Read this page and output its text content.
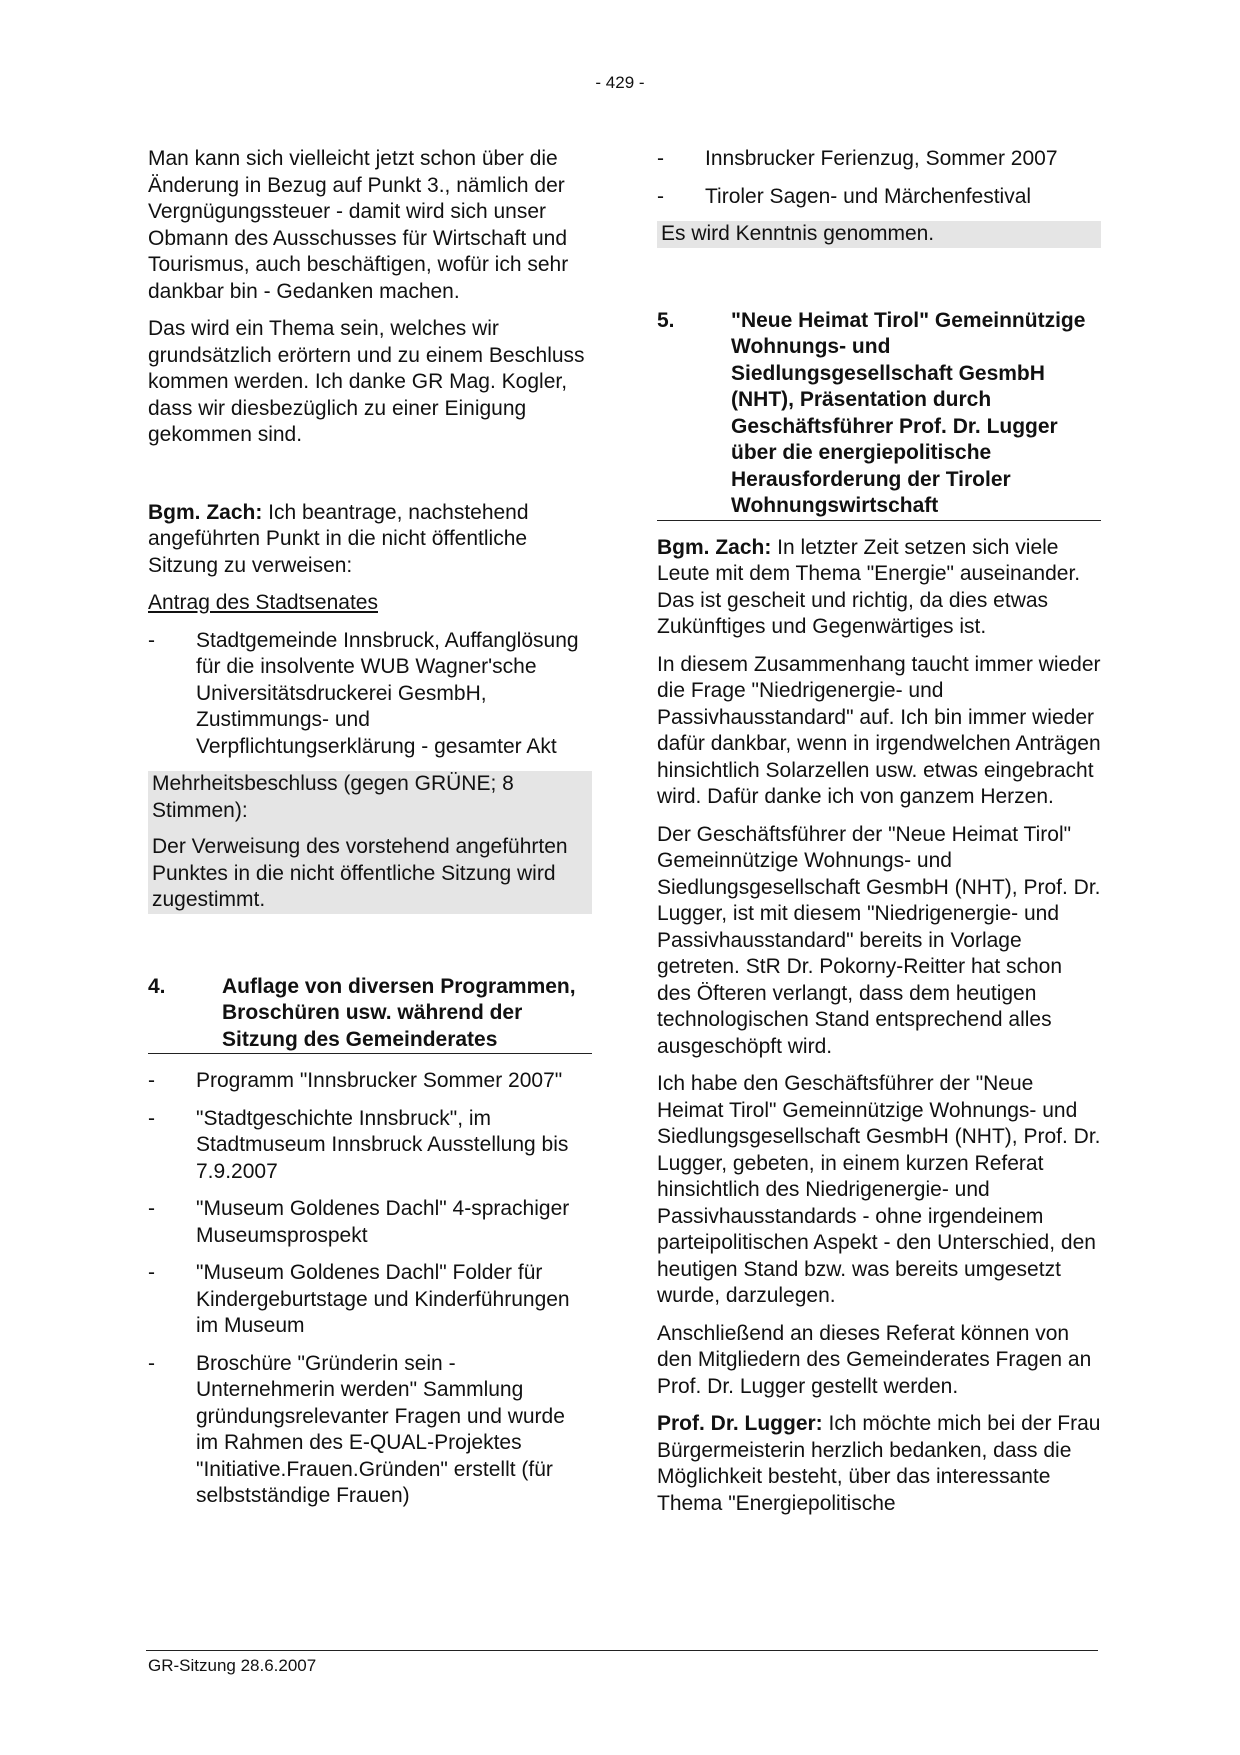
- 429 -

Man kann sich vielleicht jetzt schon über die Änderung in Bezug auf Punkt 3., nämlich der Vergnügungssteuer - damit wird sich unser Obmann des Ausschusses für Wirtschaft und Tourismus, auch beschäftigen, wofür ich sehr dankbar bin - Gedanken machen.

Das wird ein Thema sein, welches wir grundsätzlich erörtern und zu einem Beschluss kommen werden. Ich danke GR Mag. Kogler, dass wir diesbezüglich zu einer Einigung gekommen sind.

Bgm. Zach: Ich beantrage, nachstehend angeführten Punkt in die nicht öffentliche Sitzung zu verweisen:

Antrag des Stadtsenates

- Stadtgemeinde Innsbruck, Auffanglösung für die insolvente WUB Wagner'sche Universitätsdruckerei GesmbH, Zustimmungs- und Verpflichtungserklärung - gesamter Akt
Mehrheitsbeschluss (gegen GRÜNE; 8 Stimmen):
Der Verweisung des vorstehend angeführten Punktes in die nicht öffentliche Sitzung wird zugestimmt.
4.	Auflage von diversen Programmen, Broschüren usw. während der Sitzung des Gemeinderates
- Programm "Innsbrucker Sommer 2007"
- "Stadtgeschichte Innsbruck", im Stadtmuseum Innsbruck Ausstellung bis 7.9.2007
- "Museum Goldenes Dachl" 4-sprachiger Museumsprospekt
- "Museum Goldenes Dachl" Folder für Kindergeburtstage und Kinderführungen im Museum
- Broschüre "Gründerin sein - Unternehmerin werden" Sammlung gründungsrelevanter Fragen und wurde im Rahmen des E-QUAL-Projektes "Initiative.Frauen.Gründen" erstellt (für selbstständige Frauen)
- Innsbrucker Ferienzug, Sommer 2007
- Tiroler Sagen- und Märchenfestival
Es wird Kenntnis genommen.
5.	"Neue Heimat Tirol" Gemeinnützige Wohnungs- und Siedlungsgesellschaft GesmbH (NHT), Präsentation durch Geschäftsführer Prof. Dr. Lugger über die energiepolitische Herausforderung der Tiroler Wohnungswirtschaft

Bgm. Zach: In letzter Zeit setzen sich viele Leute mit dem Thema "Energie" auseinander. Das ist gescheit und richtig, da dies etwas Zukünftiges und Gegenwärtiges ist.

In diesem Zusammenhang taucht immer wieder die Frage "Niedrigenergie- und Passivhausstandard" auf. Ich bin immer wieder dafür dankbar, wenn in irgendwelchen Anträgen hinsichtlich Solarzellen usw. etwas eingebracht wird. Dafür danke ich von ganzem Herzen.

Der Geschäftsführer der "Neue Heimat Tirol" Gemeinnützige Wohnungs- und Siedlungsgesellschaft GesmbH (NHT), Prof. Dr. Lugger, ist mit diesem "Niedrigenergie- und Passivhausstandard" bereits in Vorlage getreten. StR Dr. Pokorny-Reitter hat schon des Öfteren verlangt, dass dem heutigen technologischen Stand entsprechend alles ausgeschöpft wird.

Ich habe den Geschäftsführer der "Neue Heimat Tirol" Gemeinnützige Wohnungs- und Siedlungsgesellschaft GesmbH (NHT), Prof. Dr. Lugger, gebeten, in einem kurzen Referat hinsichtlich des Niedrigenergie- und Passivhausstandards - ohne irgendeinem parteipolitischen Aspekt - den Unterschied, den heutigen Stand bzw. was bereits umgesetzt wurde, darzulegen.

Anschließend an dieses Referat können von den Mitgliedern des Gemeinderates Fragen an Prof. Dr. Lugger gestellt werden.

Prof. Dr. Lugger: Ich möchte mich bei der Frau Bürgermeisterin herzlich bedanken, dass die Möglichkeit besteht, über das interessante Thema "Energiepolitische

GR-Sitzung 28.6.2007
